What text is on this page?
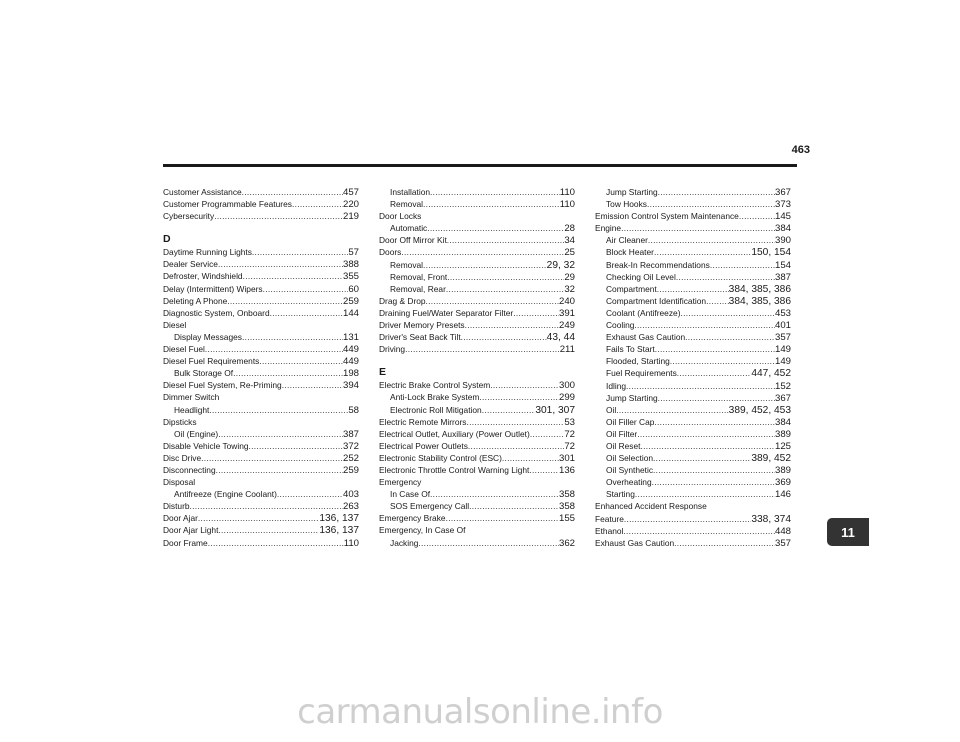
463
Customer Assistance .....	457
Customer Programmable Features .....	220
Cybersecurity .....	219
D
Daytime Running Lights .....	57
Dealer Service .....	388
Defroster, Windshield .....	355
Delay (Intermittent) Wipers .....	60
Deleting A Phone .....	259
Diagnostic System, Onboard .....	144
Diesel
Display Messages .....	131
Diesel Fuel .....	449
Diesel Fuel Requirements .....	449
Bulk Storage Of .....	198
Diesel Fuel System, Re-Priming .....	394
Dimmer Switch
Headlight .....	58
Dipsticks
Oil (Engine) .....	387
Disable Vehicle Towing .....	372
Disc Drive .....	252
Disconnecting .....	259
Disposal
Antifreeze (Engine Coolant) .....	403
Disturb .....	263
Door Ajar .....	136, 137
Door Ajar Light .....	136, 137
Door Frame .....	110
Installation .....	110
Removal .....	110
Door Locks
Automatic .....	28
Door Off Mirror Kit .....	34
Doors .....	25
Removal .....	29, 32
Removal, Front .....	29
Removal, Rear .....	32
Drag & Drop .....	240
Draining Fuel/Water Separator Filter .....	391
Driver Memory Presets .....	249
Driver's Seat Back Tilt .....	43, 44
Driving .....	211
E
Electric Brake Control System .....	300
Anti-Lock Brake System .....	299
Electronic Roll Mitigation .....	301, 307
Electric Remote Mirrors .....	53
Electrical Outlet, Auxiliary (Power Outlet) .....	72
Electrical Power Outlets .....	72
Electronic Stability Control (ESC) .....	301
Electronic Throttle Control Warning Light .....	136
Emergency
In Case Of .....	358
SOS Emergency Call .....	358
Emergency Brake .....	155
Emergency, In Case Of
Jacking .....	362
Jump Starting .....	367
Tow Hooks .....	373
Emission Control System Maintenance .....	145
Engine .....	384
Air Cleaner .....	390
Block Heater .....	150, 154
Break-In Recommendations .....	154
Checking Oil Level .....	387
Compartment .....	384, 385, 386
Compartment Identification ..... 384, 385, 386
Coolant (Antifreeze) .....	453
Cooling .....	401
Exhaust Gas Caution .....	357
Fails To Start .....	149
Flooded, Starting .....	149
Fuel Requirements .....	447, 452
Idling .....	152
Jump Starting .....	367
Oil .....	389, 452, 453
Oil Filler Cap .....	384
Oil Filter .....	389
Oil Reset .....	125
Oil Selection .....	389, 452
Oil Synthetic .....	389
Overheating .....	369
Starting .....	146
Enhanced Accident Response
Feature .....	338, 374
Ethanol .....	448
Exhaust Gas Caution .....	357
11
carmanualsonline.info
